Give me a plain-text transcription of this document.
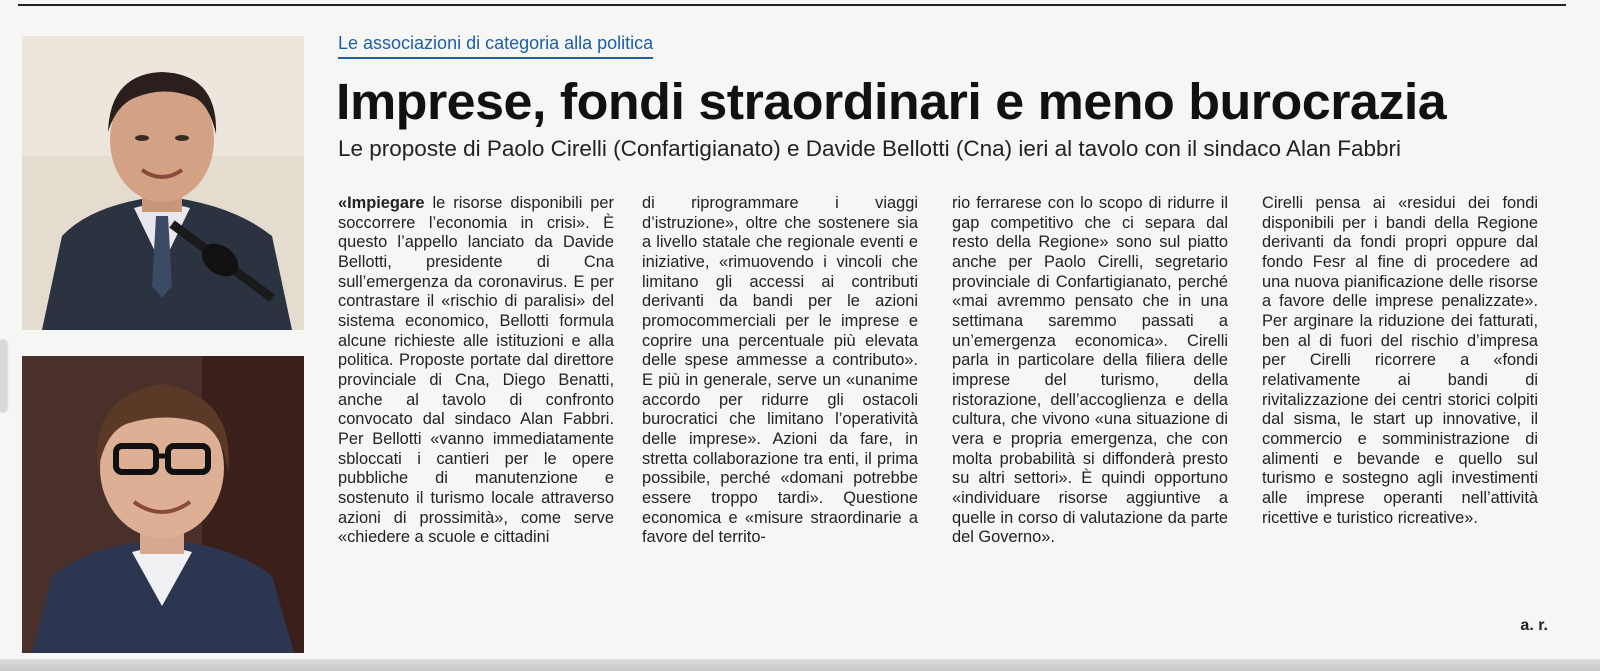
Le associazioni di categoria alla politica
Imprese, fondi straordinari e meno burocrazia

Le proposte di Paolo Cirelli (Confartigianato) e Davide Bellotti (Cna) ieri al tavolo con il sindaco Alan Fabbri

«Impiegare le risorse disponibili per soccorrere l’economia in crisi». È questo l’appello lanciato da Davide Bellotti, presidente di Cna sull’emergenza da coronavirus. E per contrastare il «rischio di paralisi» del sistema economico, Bellotti formula alcune richieste alle istituzioni e alla politica. Proposte portate dal direttore provinciale di Cna, Diego Benatti, anche al tavolo di confronto convocato dal sindaco Alan Fabbri. Per Bellotti «vanno immediatamente sbloccati i cantieri per le opere pubbliche di manutenzione e sostenuto il turismo locale attraverso azioni di prossimità», come serve «chiedere a scuole e cittadini

di riprogrammare i viaggi d’istruzione», oltre che sostenere sia a livello statale che regionale eventi e iniziative, «rimuovendo i vincoli che limitano gli accessi ai contributi derivanti da bandi per le azioni promocommerciali per le imprese e coprire una percentuale più elevata delle spese ammesse a contributo». E più in generale, serve un «unanime accordo per ridurre gli ostacoli burocratici che limitano l’operatività delle imprese». Azioni da fare, in stretta collaborazione tra enti, il prima possibile, perché «domani potrebbe essere troppo tardi». Questione economica e «misure straordinarie a favore del territo-

rio ferrarese con lo scopo di ridurre il gap competitivo che ci separa dal resto della Regione» sono sul piatto anche per Paolo Cirelli, segretario provinciale di Confartigianato, perché «mai avremmo pensato che in una settimana saremmo passati a un’emergenza economica». Cirelli parla in particolare della filiera delle imprese del turismo, della ristorazione, dell’accoglienza e della cultura, che vivono «una situazione di vera e propria emergenza, che con molta probabilità si diffonderà presto su altri settori». È quindi opportuno «individuare risorse aggiuntive a quelle in corso di valutazione da parte del Governo».

Cirelli pensa ai «residui dei fondi disponibili per i bandi della Regione derivanti da fondi propri oppure dal fondo Fesr al fine di procedere ad una nuova pianificazione delle risorse a favore delle imprese penalizzate». Per arginare la riduzione dei fatturati, ben al di fuori del rischio d’impresa per Cirelli ricorrere a «fondi relativamente ai bandi di rivitalizzazione dei centri storici colpiti dal sisma, le start up innovative, il commercio e somministrazione di alimenti e bevande e quello sul turismo e sostegno agli investimenti alle imprese operanti nell’attività ricettive e turistico ricreative».

a. r.
